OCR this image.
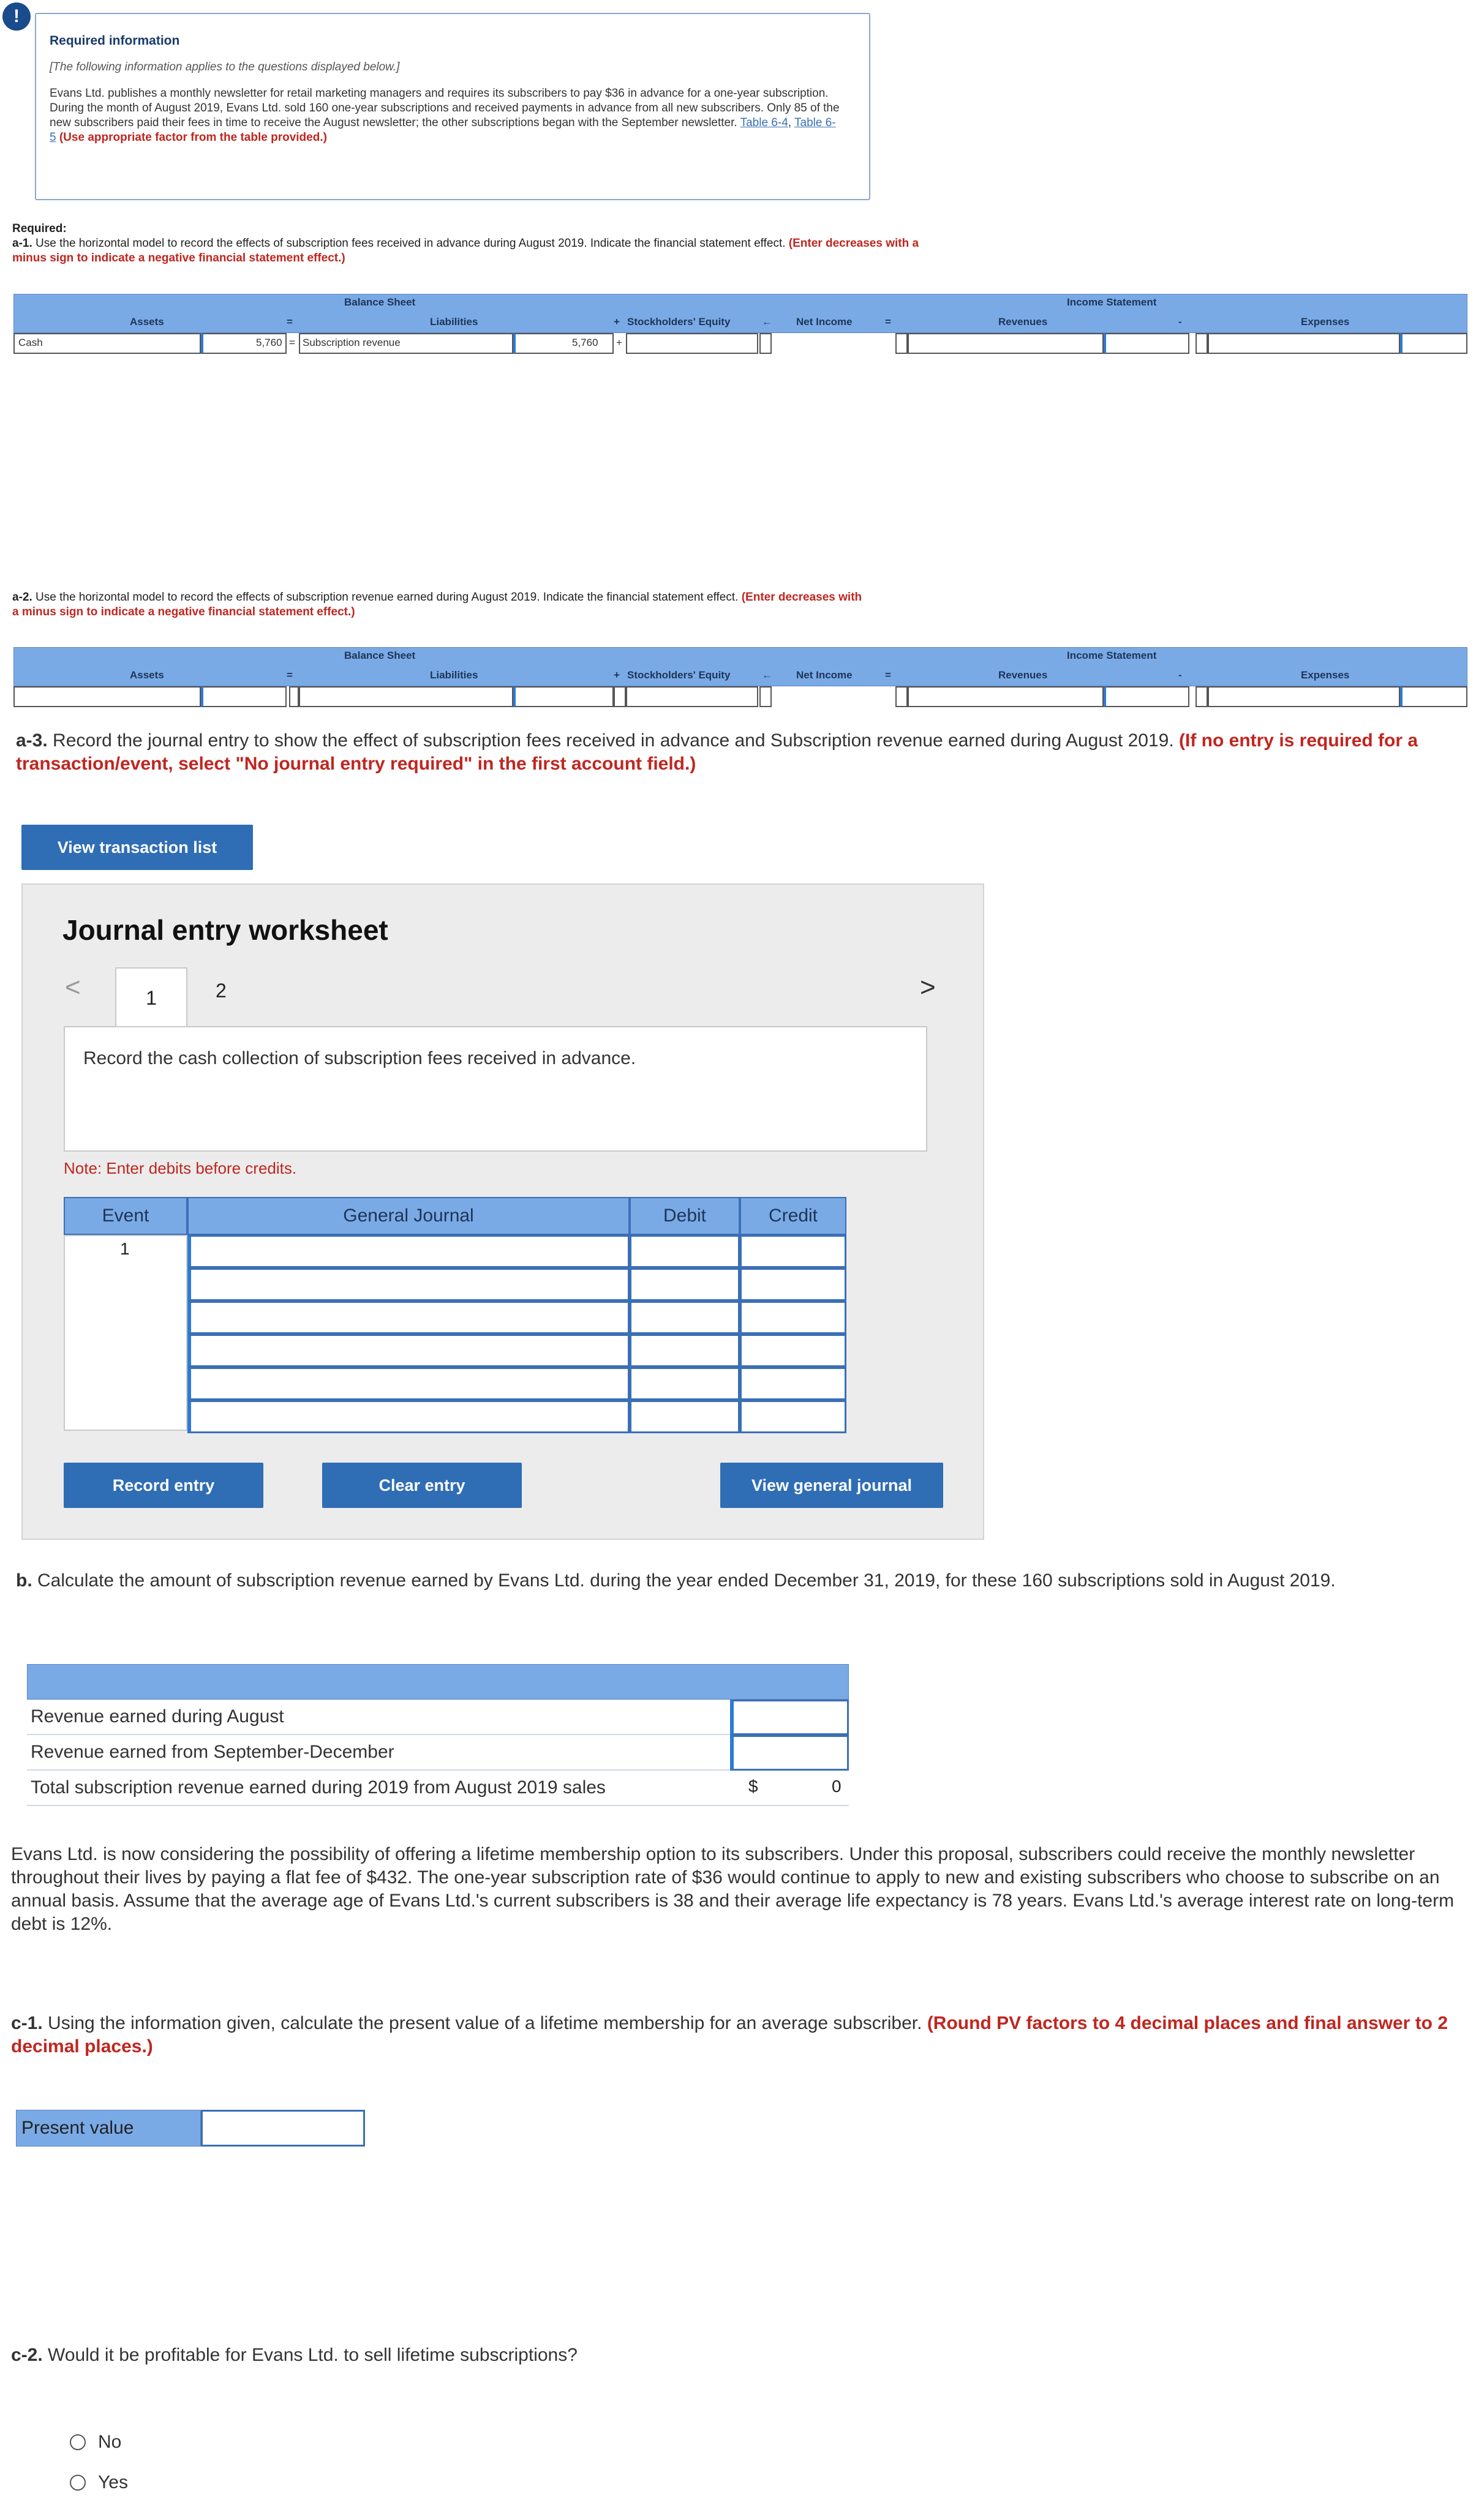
!
Required information
[The following information applies to the questions displayed below.]
Evans Ltd. publishes a monthly newsletter for retail marketing managers and requires its subscribers to pay $36 in advance for a one-year subscription. During the month of August 2019, Evans Ltd. sold 160 one-year subscriptions and received payments in advance from all new subscribers. Only 85 of the new subscribers paid their fees in time to receive the August newsletter; the other subscriptions began with the September newsletter. Table 6-4, Table 6-5 (Use appropriate factor from the table provided.)
Required:
a-1. Use the horizontal model to record the effects of subscription fees received in advance during August 2019. Indicate the financial statement effect. (Enter decreases with a minus sign to indicate a negative financial statement effect.)
Balance Sheet	Income Statement
Assets	=	Liabilities	+ Stockholders' Equity	← Net Income	=	Revenues	-	Expenses
Cash	5,760 = Subscription revenue	5,760 +
a-2. Use the horizontal model to record the effects of subscription revenue earned during August 2019. Indicate the financial statement effect. (Enter decreases with a minus sign to indicate a negative financial statement effect.)
Balance Sheet	Income Statement
Assets	=	Liabilities	+ Stockholders' Equity	← Net Income	=	Revenues	-	Expenses
a-3. Record the journal entry to show the effect of subscription fees received in advance and Subscription revenue earned during August 2019. (If no entry is required for a transaction/event, select "No journal entry required" in the first account field.)
View transaction list
Journal entry worksheet
<	1	2	>
Record the cash collection of subscription fees received in advance.
Note: Enter debits before credits.
Event	General Journal	Debit	Credit
1
Record entry	Clear entry	View general journal
b. Calculate the amount of subscription revenue earned by Evans Ltd. during the year ended December 31, 2019, for these 160 subscriptions sold in August 2019.
Revenue earned during August
Revenue earned from September-December
Total subscription revenue earned during 2019 from August 2019 sales	$	0
Evans Ltd. is now considering the possibility of offering a lifetime membership option to its subscribers. Under this proposal, subscribers could receive the monthly newsletter throughout their lives by paying a flat fee of $432. The one-year subscription rate of $36 would continue to apply to new and existing subscribers who choose to subscribe on an annual basis. Assume that the average age of Evans Ltd.'s current subscribers is 38 and their average life expectancy is 78 years. Evans Ltd.'s average interest rate on long-term debt is 12%.
c-1. Using the information given, calculate the present value of a lifetime membership for an average subscriber. (Round PV factors to 4 decimal places and final answer to 2 decimal places.)
Present value
c-2. Would it be profitable for Evans Ltd. to sell lifetime subscriptions?
No
Yes
